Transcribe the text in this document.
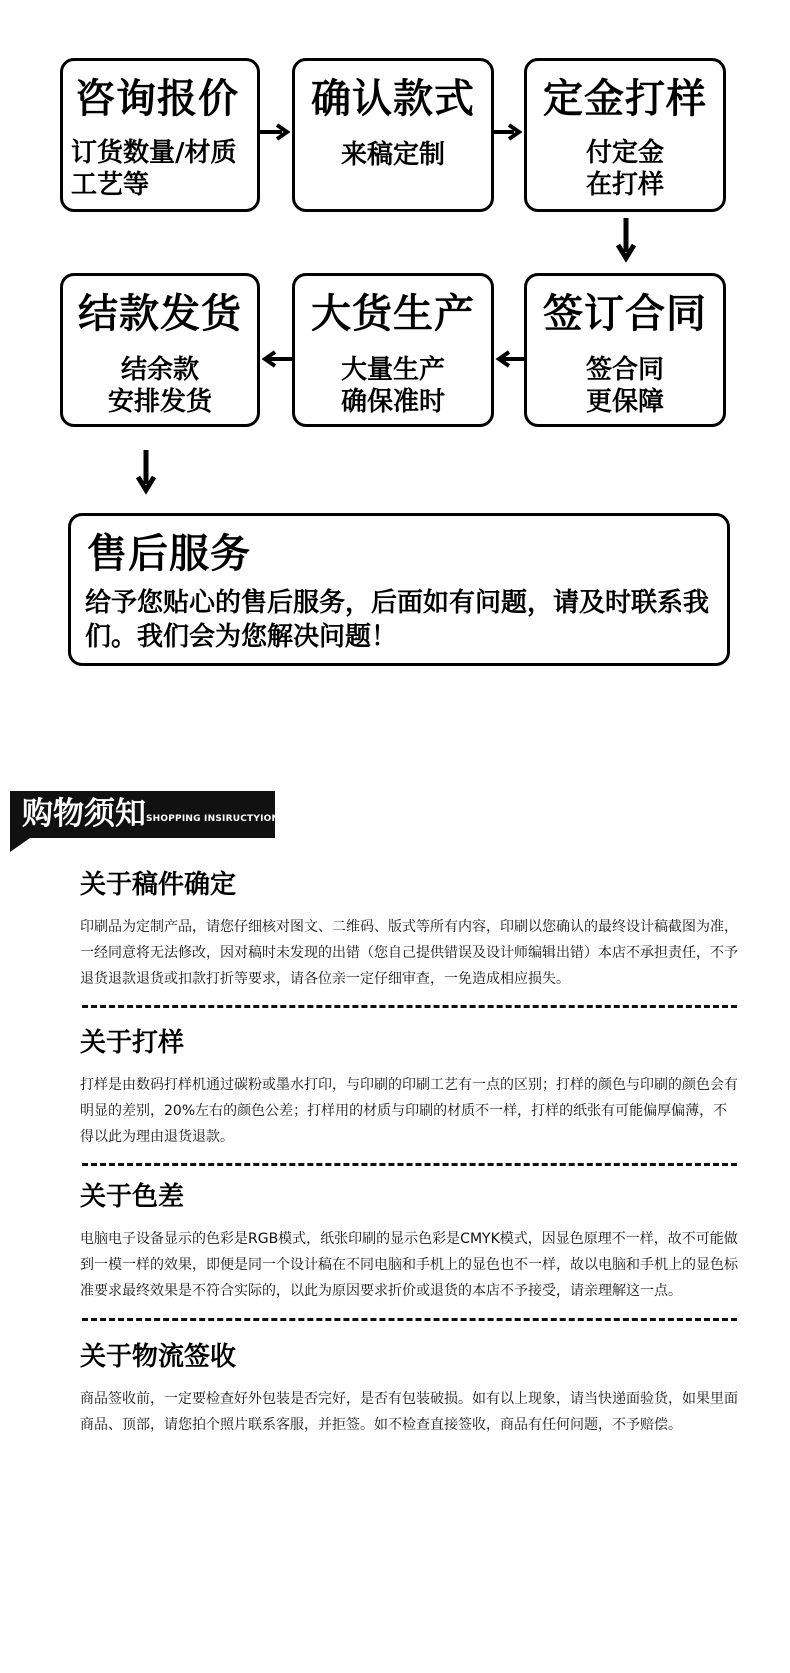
咨询报价
订货数量/材质
工艺等
确认款式
来稿定制
定金打样
付定金
在打样
结款发货
结余款
安排发货
大货生产
大量生产
确保准时
签订合同
签合同
更保障
售后服务
给予您贴心的售后服务，后面如有问题，请及时联系我们。我们会为您解决问题！
购物须知 SHOPPING INSIRUCTYIONS
关于稿件确定
印刷品为定制产品，请您仔细核对图文、二维码、版式等所有内容，印刷以您确认的最终设计稿截图为准，一经同意将无法修改，因对稿时未发现的出错（您自己提供错误及设计师编辑出错）本店不承担责任，不予退货退款退货或扣款打折等要求，请各位亲一定仔细审查，一免造成相应损失。
关于打样
打样是由数码打样机通过碳粉或墨水打印，与印刷的印刷工艺有一点的区别；打样的颜色与印刷的颜色会有明显的差别，20%左右的颜色公差；打样用的材质与印刷的材质不一样，打样的纸张有可能偏厚偏薄，不得以此为理由退货退款。
关于色差
电脑电子设备显示的色彩是RGB模式，纸张印刷的显示色彩是CMYK模式，因显色原理不一样，故不可能做到一模一样的效果，即便是同一个设计稿在不同电脑和手机上的显色也不一样，故以电脑和手机上的显色标准要求最终效果是不符合实际的，以此为原因要求折价或退货的本店不予接受，请亲理解这一点。
关于物流签收
商品签收前，一定要检查好外包装是否完好，是否有包装破损。如有以上现象，请当快递面验货，如果里面商品、顶部，请您拍个照片联系客服，并拒签。如不检查直接签收，商品有任何问题，不予赔偿。
